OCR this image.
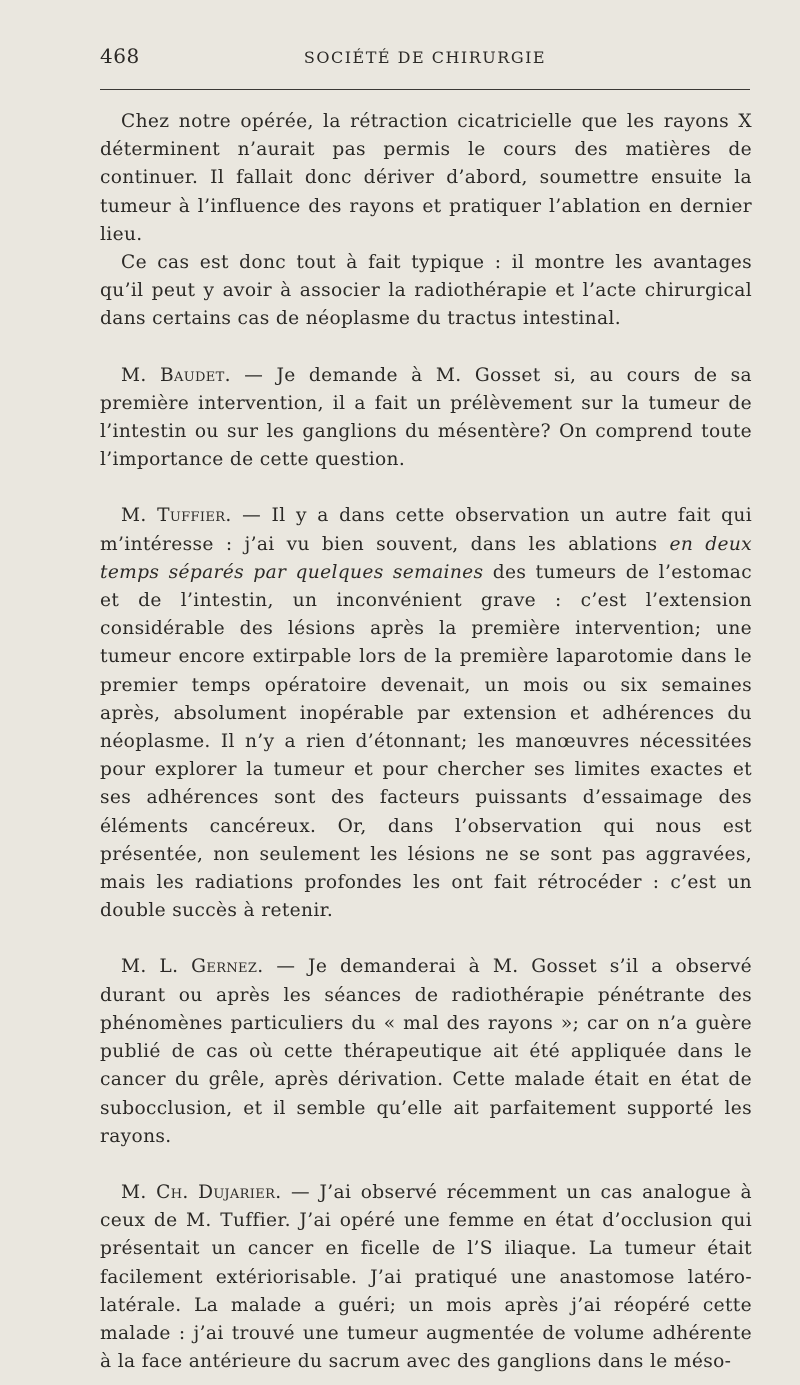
468	SOCIÉTÉ DE CHIRURGIE

Chez notre opérée, la rétraction cicatricielle que les rayons X déterminent n’aurait pas permis le cours des matières de continuer. Il fallait donc dériver d’abord, soumettre ensuite la tumeur à l’influence des rayons et pratiquer l’ablation en dernier lieu.

Ce cas est donc tout à fait typique : il montre les avantages qu’il peut y avoir à associer la radiothérapie et l’acte chirurgical dans certains cas de néoplasme du tractus intestinal.

M. Baudet. — Je demande à M. Gosset si, au cours de sa première intervention, il a fait un prélèvement sur la tumeur de l’intestin ou sur les ganglions du mésentère? On comprend toute l’importance de cette question.

M. Tuffier. — Il y a dans cette observation un autre fait qui m’intéresse : j’ai vu bien souvent, dans les ablations en deux temps séparés par quelques semaines des tumeurs de l’estomac et de l’intestin, un inconvénient grave : c’est l’extension considérable des lésions après la première intervention; une tumeur encore extirpable lors de la première laparotomie dans le premier temps opératoire devenait, un mois ou six semaines après, absolument inopérable par extension et adhérences du néoplasme. Il n’y a rien d’étonnant; les manœuvres nécessitées pour explorer la tumeur et pour chercher ses limites exactes et ses adhérences sont des facteurs puissants d’essaimage des éléments cancéreux. Or, dans l’observation qui nous est présentée, non seulement les lésions ne se sont pas aggravées, mais les radiations profondes les ont fait rétrocéder : c’est un double succès à retenir.

M. L. Gernez. — Je demanderai à M. Gosset s’il a observé durant ou après les séances de radiothérapie pénétrante des phénomènes particuliers du « mal des rayons »; car on n’a guère publié de cas où cette thérapeutique ait été appliquée dans le cancer du grêle, après dérivation. Cette malade était en état de subocclusion, et il semble qu’elle ait parfaitement supporté les rayons.

M. Ch. Dujarier. — J’ai observé récemment un cas analogue à ceux de M. Tuffier. J’ai opéré une femme en état d’occlusion qui présentait un cancer en ficelle de l’S iliaque. La tumeur était facilement extériorisable. J’ai pratiqué une anastomose latéro-latérale. La malade a guéri; un mois après j’ai réopéré cette malade : j’ai trouvé une tumeur augmentée de volume adhérente à la face antérieure du sacrum avec des ganglions dans le méso-
